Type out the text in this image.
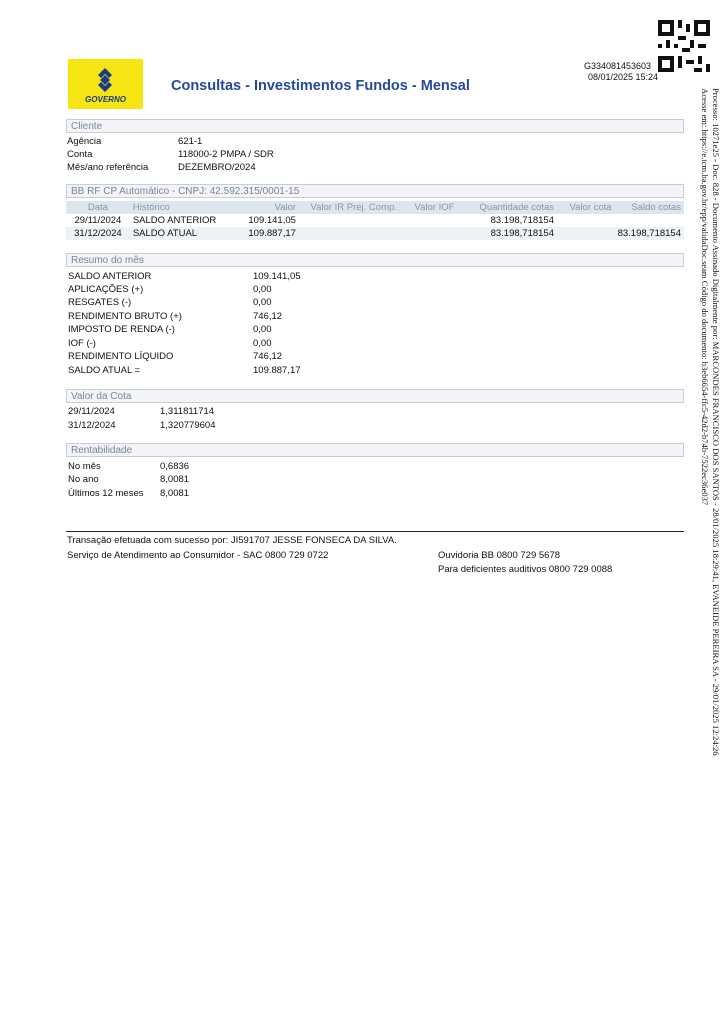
GOVERNO
Consultas - Investimentos Fundos - Mensal
G334081453603
08/01/2025 15:24
Cliente
Agência	621-1
Conta	118000-2 PMPA / SDR
Mês/ano referência	DEZEMBRO/2024
BB RF CP Automático - CNPJ: 42.592.315/0001-15
Data	Histórico	Valor	Valor IR Prej. Comp.	Valor IOF	Quantidade cotas	Valor cota	Saldo cotas
29/11/2024	SALDO ANTERIOR	109.141,05			83.198,718154		
31/12/2024	SALDO ATUAL	109.887,17			83.198,718154		83.198,718154
Resumo do mês
SALDO ANTERIOR	109.141,05
APLICAÇÕES (+)	0,00
RESGATES (-)	0,00
RENDIMENTO BRUTO (+)	746,12
IMPOSTO DE RENDA (-)	0,00
IOF (-)	0,00
RENDIMENTO LÍQUIDO	746,12
SALDO ATUAL =	109.887,17
Valor da Cota
29/11/2024	1,311811714
31/12/2024	1,320779604
Rentabilidade
No mês	0,6836
No ano	8,0081
Últimos 12 meses 8,0081
Transação efetuada com sucesso por: JI591707 JESSE FONSECA DA SILVA.
Serviço de Atendimento ao Consumidor - SAC 0800 729 0722	Ouvidoria BB 0800 729 5678
Para deficientes auditivos 0800 729 0088	Processo: 10271e25 - Doc. 828 - Documento Assinado Digitalmente por: MARCONDES FRANCISCO DOS SANTOS - 28/01/2025 18:29:41, EVANEIDE PEREIRA SA - 29/01/2025 12:24:26
Acesse em: https://e.tcm.ba.gov.br/epp/validaDoc.seam Código do documento: b3eb6654-ffc5-42d2-b74b-7522ec36e037
